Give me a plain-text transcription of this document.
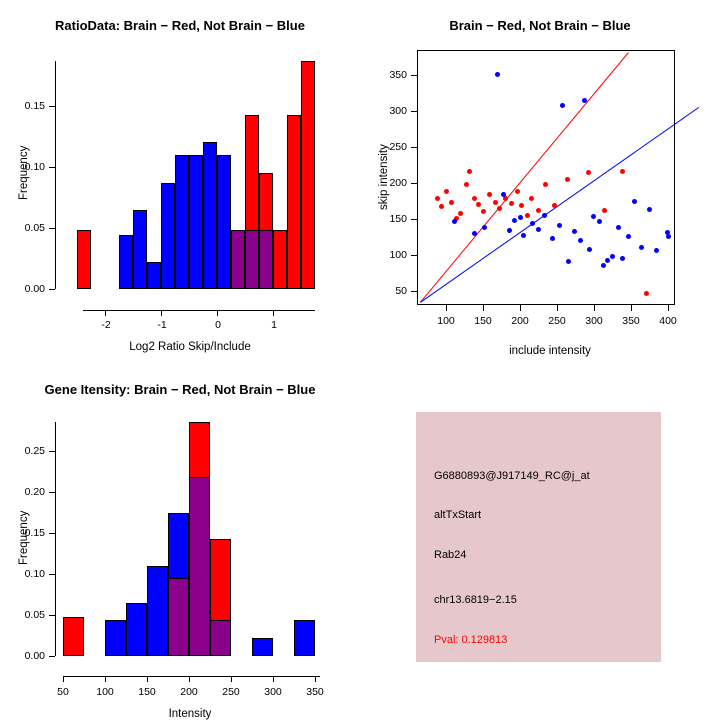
RatioData: Brain − Red, Not Brain − Blue
Frequency
Log2 Ratio Skip/Include
0.00
0.05
0.10
0.15
-2	-1	0	1
Brain − Red, Not Brain − Blue
skip intensity
include intensity
50
100
150
200
250
300
350
100	150	200	250	300	350	400
Gene Itensity: Brain − Red, Not Brain − Blue
Frequency
Intensity
0.00
0.05
0.10
0.15
0.20
0.25
50	100	150	200	250	300	350
G6880893@J917149_RC@j_at
altTxStart
Rab24
chr13.6819−2.15
Pval: 0.129813
